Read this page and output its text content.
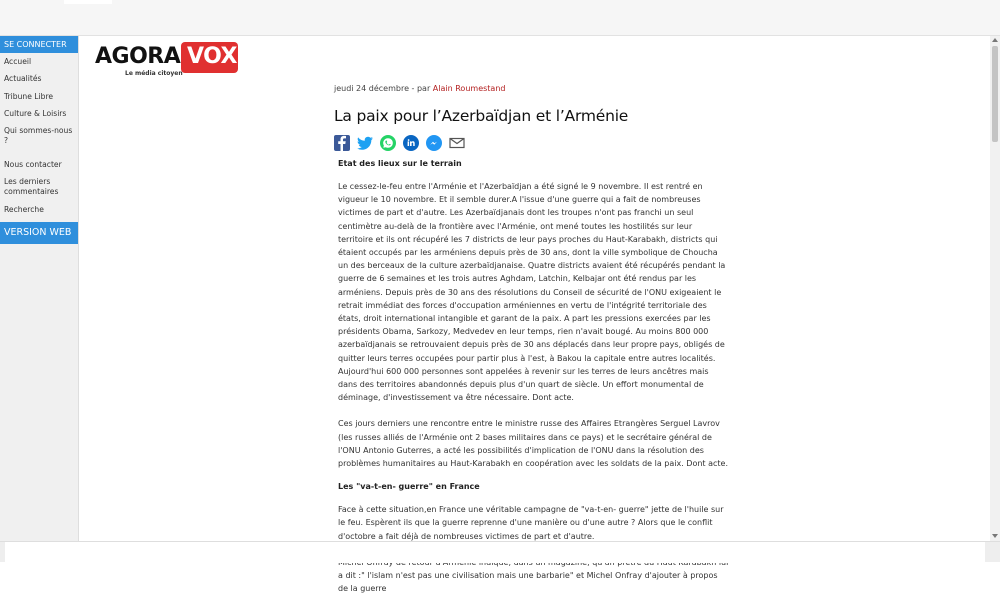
SE CONNECTER
Accueil
Actualités
Tribune Libre
Culture & Loisirs
Qui sommes-nous ?
Nous contacter
Les derniers commentaires
Recherche
VERSION WEB
AGORA VOX
Le média citoyen
jeudi 24 décembre - par Alain Roumestand
La paix pour l’Azerbaïdjan et l’Arménie

Etat des lieux sur le terrain

Le cessez-le-feu entre l'Arménie et l'Azerbaïdjan a été signé le 9 novembre. Il est rentré en vigueur le 10 novembre. Et il semble durer.A l'issue d'une guerre qui a fait de nombreuses victimes de part et d'autre. Les Azerbaïdjanais dont les troupes n'ont pas franchi un seul centimètre au-delà de la frontière avec l'Arménie, ont mené toutes les hostilités sur leur territoire et ils ont récupéré les 7 districts de leur pays proches du Haut-Karabakh, districts qui étaient occupés par les arméniens depuis près de 30 ans, dont la ville symbolique de Choucha un des berceaux de la culture azerbaïdjanaise. Quatre districts avaient été récupérés pendant la guerre de 6 semaines et les trois autres Aghdam, Latchin, Kelbajar ont été rendus par les arméniens. Depuis près de 30 ans des résolutions du Conseil de sécurité de l'ONU exigeaient le retrait immédiat des forces d'occupation arméniennes en vertu de l'intégrité territoriale des états, droit international intangible et garant de la paix. A part les pressions exercées par les présidents Obama, Sarkozy, Medvedev en leur temps, rien n'avait bougé. Au moins 800 000 azerbaïdjanais se retrouvaient depuis près de 30 ans déplacés dans leur propre pays, obligés de quitter leurs terres occupées pour partir plus à l'est, à Bakou la capitale entre autres localités. Aujourd'hui 600 000 personnes sont appelées à revenir sur les terres de leurs ancêtres mais dans des territoires abandonnés depuis plus d'un quart de siècle. Un effort monumental de déminage, d'investissement va être nécessaire. Dont acte.

Ces jours derniers une rencontre entre le ministre russe des Affaires Etrangères Serguel Lavrov (les russes alliés de l'Arménie ont 2 bases militaires dans ce pays) et le secrétaire général de l'ONU Antonio Guterres, a acté les possibilités d'implication de l'ONU dans la résolution des problèmes humanitaires au Haut-Karabakh en coopération avec les soldats de la paix. Dont acte.

Les "va-t-en- guerre" en France

Face à cette situation,en France une véritable campagne de "va-t-en- guerre" jette de l'huile sur le feu. Espèrent ils que la guerre reprenne d'une manière ou d'une autre ? Alors que le conflit d'octobre a fait déjà de nombreuses victimes de part et d'autre.

a dit :" l'islam n'est pas une civilisation mais une barbarie" et Michel Onfray d'ajouter à propos de la guerre
